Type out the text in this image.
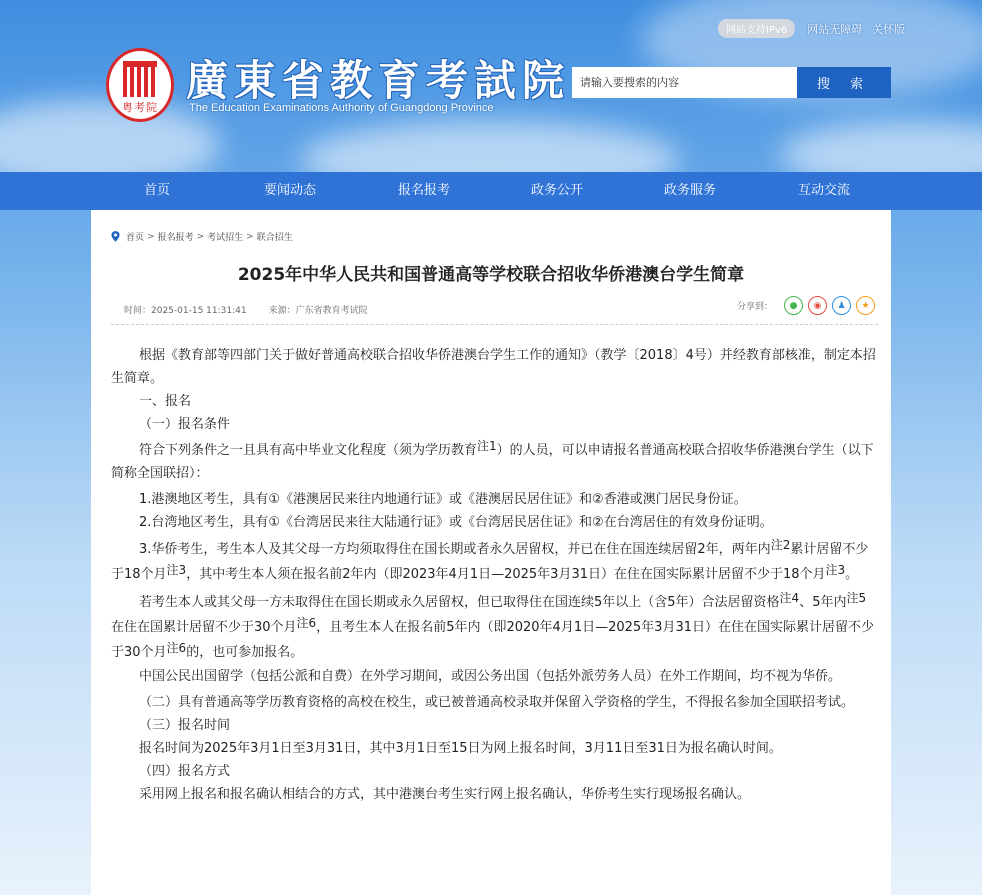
粤考院
廣東省教育考試院
The Education Examinations Authority of Guangdong Province
网站支持IPv6	网站无障碍 关怀版
请输入要搜索的内容
搜 索
首页	要闻动态	报名报考	政务公开	政务服务	互动交流
首页 > 报名报考 > 考试招生 > 联合招生
2025年中华人民共和国普通高等学校联合招收华侨港澳台学生简章
时间：2025-01-15 11:31:41 来源：广东省教育考试院	分享到：	●	◉	♟	★

根据《教育部等四部门关于做好普通高校联合招收华侨港澳台学生工作的通知》（教学〔2018〕4号）并经教育部核准，制定本招生简章。

一、报名

（一）报名条件

符合下列条件之一且具有高中毕业文化程度（须为学历教育$^{注1}$）的人员，可以申请报名普通高校联合招收华侨港澳台学生（以下简称全国联招）：

1.港澳地区考生，具有①《港澳居民来往内地通行证》或《港澳居民居住证》和②香港或澳门居民身份证。

2.台湾地区考生，具有①《台湾居民来往大陆通行证》或《台湾居民居住证》和②在台湾居住的有效身份证明。

3.华侨考生，考生本人及其父母一方均须取得住在国长期或者永久居留权，并已在住在国连续居留2年，两年内$^{注2}$累计居留不少于18个月$^{注3}$，其中考生本人须在报名前2年内（即2023年4月1日—2025年3月31日）在住在国实际累计居留不少于18个月$^{注3}$。

若考生本人或其父母一方未取得住在国长期或永久居留权，但已取得住在国连续5年以上（含5年）合法居留资格$^{注4}$、5年内$^{注5}$在住在国累计居留不少于30个月$^{注6}$，且考生本人在报名前5年内（即2020年4月1日—2025年3月31日）在住在国实际累计居留不少于30个月$^{注6}$的，也可参加报名。

中国公民出国留学（包括公派和自费）在外学习期间，或因公务出国（包括外派劳务人员）在外工作期间，均不视为华侨。

（二）具有普通高等学历教育资格的高校在校生，或已被普通高校录取并保留入学资格的学生，不得报名参加全国联招考试。

（三）报名时间

报名时间为2025年3月1日至3月31日，其中3月1日至15日为网上报名时间，3月11日至31日为报名确认时间。

（四）报名方式

采用网上报名和报名确认相结合的方式，其中港澳台考生实行网上报名确认，华侨考生实行现场报名确认。
